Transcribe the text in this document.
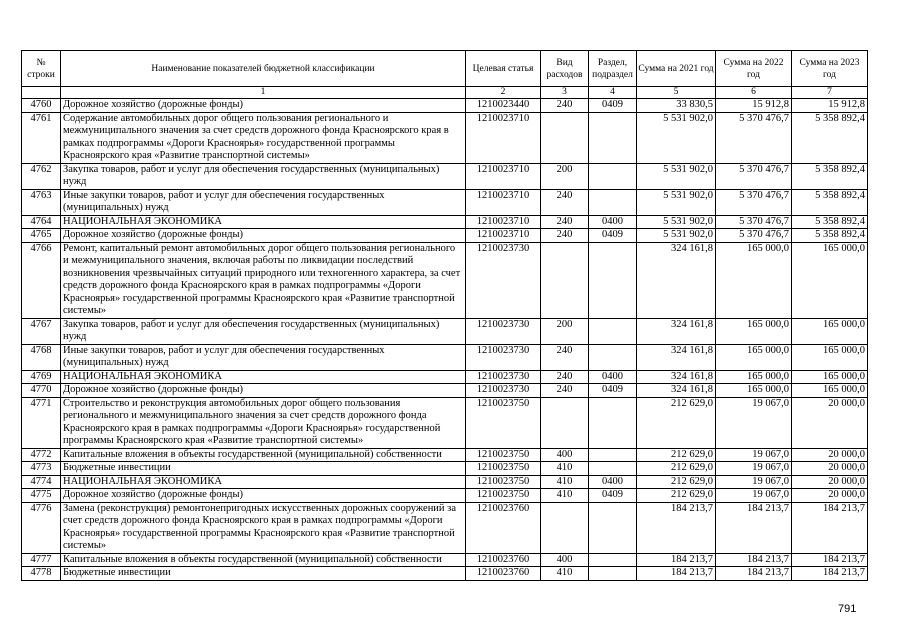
№ строки	Наименование показателей бюджетной классификации	Целевая статья	Вид расходов	Раздел, подраздел	Сумма на 2021 год	Сумма на 2022 год	Сумма на 2023 год
	1	2	3	4	5	6	7
4760	Дорожное хозяйство (дорожные фонды)	1210023440	240	0409	33 830,5	15 912,8	15 912,8
4761	Содержание автомобильных дорог общего пользования регионального и межмуниципального значения за счет средств дорожного фонда Красноярского края в рамках подпрограммы «Дороги Красноярья» государственной программы Красноярского края «Развитие транспортной системы»	1210023710			5 531 902,0	5 370 476,7	5 358 892,4
4762	Закупка товаров, работ и услуг для обеспечения государственных (муниципальных) нужд	1210023710	200		5 531 902,0	5 370 476,7	5 358 892,4
4763	Иные закупки товаров, работ и услуг для обеспечения государственных (муниципальных) нужд	1210023710	240		5 531 902,0	5 370 476,7	5 358 892,4
4764	НАЦИОНАЛЬНАЯ ЭКОНОМИКА	1210023710	240	0400	5 531 902,0	5 370 476,7	5 358 892,4
4765	Дорожное хозяйство (дорожные фонды)	1210023710	240	0409	5 531 902,0	5 370 476,7	5 358 892,4
4766	Ремонт, капитальный ремонт автомобильных дорог общего пользования регионального и межмуниципального значения, включая работы по ликвидации последствий возникновения чрезвычайных ситуаций природного или техногенного характера, за счет средств дорожного фонда Красноярского края в рамках подпрограммы «Дороги Красноярья» государственной программы Красноярского края «Развитие транспортной системы»	1210023730			324 161,8	165 000,0	165 000,0
4767	Закупка товаров, работ и услуг для обеспечения государственных (муниципальных) нужд	1210023730	200		324 161,8	165 000,0	165 000,0
4768	Иные закупки товаров, работ и услуг для обеспечения государственных (муниципальных) нужд	1210023730	240		324 161,8	165 000,0	165 000,0
4769	НАЦИОНАЛЬНАЯ ЭКОНОМИКА	1210023730	240	0400	324 161,8	165 000,0	165 000,0
4770	Дорожное хозяйство (дорожные фонды)	1210023730	240	0409	324 161,8	165 000,0	165 000,0
4771	Строительство и реконструкция автомобильных дорог общего пользования регионального и межмуниципального значения за счет средств дорожного фонда Красноярского края в рамках подпрограммы «Дороги Красноярья» государственной программы Красноярского края «Развитие транспортной системы»	1210023750			212 629,0	19 067,0	20 000,0
4772	Капитальные вложения в объекты государственной (муниципальной) собственности	1210023750	400		212 629,0	19 067,0	20 000,0
4773	Бюджетные инвестиции	1210023750	410		212 629,0	19 067,0	20 000,0
4774	НАЦИОНАЛЬНАЯ ЭКОНОМИКА	1210023750	410	0400	212 629,0	19 067,0	20 000,0
4775	Дорожное хозяйство (дорожные фонды)	1210023750	410	0409	212 629,0	19 067,0	20 000,0
4776	Замена (реконструкция) ремонтонепригодных искусственных дорожных сооружений за счет средств дорожного фонда Красноярского края в рамках подпрограммы «Дороги Красноярья» государственной программы Красноярского края «Развитие транспортной системы»	1210023760			184 213,7	184 213,7	184 213,7
4777	Капитальные вложения в объекты государственной (муниципальной) собственности	1210023760	400		184 213,7	184 213,7	184 213,7
4778	Бюджетные инвестиции	1210023760	410		184 213,7	184 213,7	184 213,7
791
